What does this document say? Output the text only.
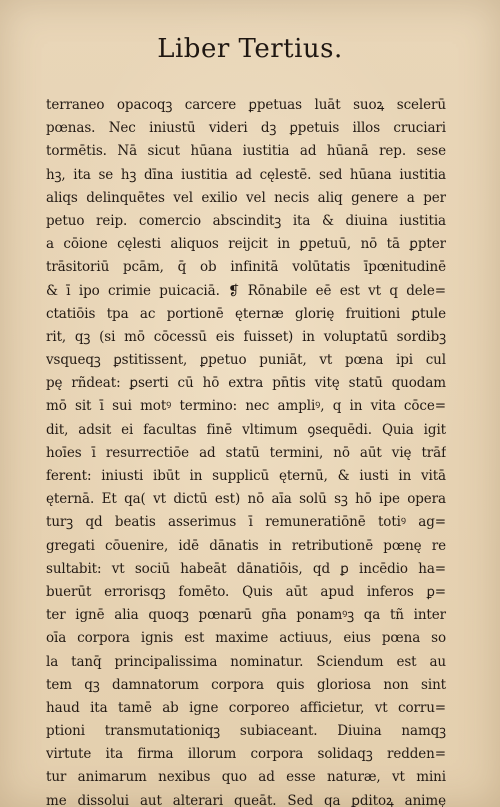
Liber Tertius.
terraneo opacoqꝫ carcere ꝑpetuas luāt suoꝝ scelerū
pœnas. Nec iniustū videri dꝫ ꝑpetuis illos cruciari
tormētis. Nā sicut hūana iustitia ad hūanā rep. sese
hꝫ, ita se hꝫ dīna iustitia ad cęlestē. sed hūana iustitia
aliqs delinquētes vel exilio vel necis aliq genere a per
petuo reip. comercio abscinditꝫ ita & diuina iustitia
a cōione cęlesti aliquos reijcit in ꝑpetuū, nō tā ꝑpter
trāsitoriū pcām, q̄ ob infinitā volūtatis īpœnitudinē
& ī ipo crimie puicaciā. ❡ Rōnabile eē est vt q dele=
ctatiōis tpa ac portionē ęternæ glorię fruitioni ꝑtule
rit, qꝫ (si mō cōcessū eis fuisset) in voluptatū sordibꝫ
vsqueqꝫ ꝑstitissent, ꝑpetuo puniāt, vt pœna ipi cul
pę rñdeat: ꝑserti cū hō extra pn̄tis vitę statū quodam
mō sit ī sui motꝰ termino: nec ampliꝰ, q in vita cōce=
dit, adsit ei facultas finē vltimum ꝯsequēdi. Quia igit
hoīes ī resurrectiōe ad statū termini, nō aūt vię trāf
ferent: iniusti ibūt in supplicū ęternū, & iusti in vitā
ęternā. Et qa( vt dictū est) nō aīa solū sꝫ hō ipe opera
turꝫ qd beatis asserimus ī remuneratiōnē totiꝰ ag=
gregati cōuenire, idē dānatis in retributionē pœnę re
sultabit: vt sociū habeāt dānatiōis, qd ꝑ incēdio ha=
buerūt errorisqꝫ fomēto. Quis aūt apud inferos ꝑ=
ter ignē alia quoqꝫ pœnarū gn̄a ponamꝰꝫ qa tñ inter
oīa corpora ignis est maxime actiuus, eius pœna so
la tanq̄ principalissima nominatur. Sciendum est au
tem qꝫ damnatorum corpora quis gloriosa non sint
haud ita tamē ab igne corporeo afficietur, vt corru=
ptioni transmutationiqꝫ subiaceant. Diuina namqꝫ
virtute ita firma illorum corpora solidaqꝫ redden=
tur animarum nexibus quo ad esse naturæ, vt mini
me dissolui aut alterari queāt. Sed qa ꝑditoꝝ animę
